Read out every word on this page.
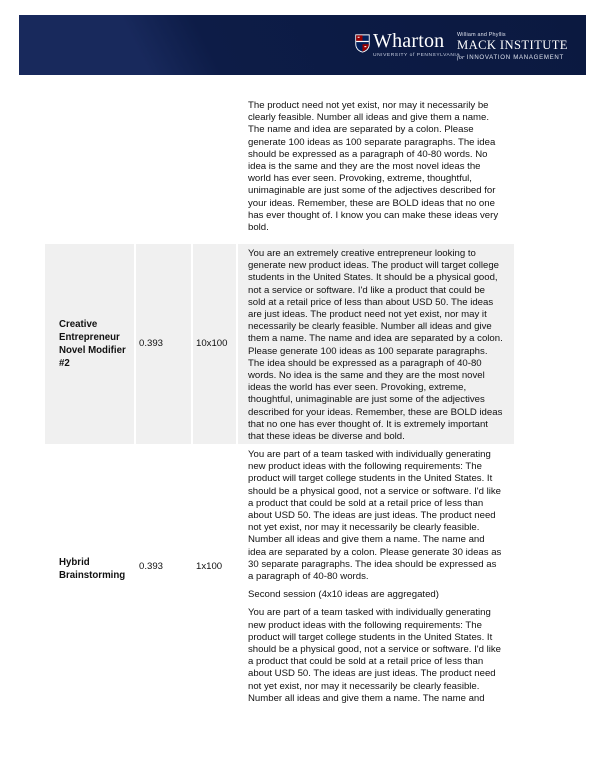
Wharton
UNIVERSITY of PENNSYLVANIA
William and Phyllis
MACK INSTITUTE
for INNOVATION MANAGEMENT

The product need not yet exist, nor may it necessarily be clearly feasible. Number all ideas and give them a name. The name and idea are separated by a colon. Please generate 100 ideas as 100 separate paragraphs. The idea should be expressed as a paragraph of 40-80 words. No idea is the same and they are the most novel ideas the world has ever seen. Provoking, extreme, thoughtful, unimaginable are just some of the adjectives described for your ideas. Remember, these are BOLD ideas that no one has ever thought of. I know you can make these ideas very bold.

Creative Entrepreneur Novel Modifier #2
0.393	10x100

You are an extremely creative entrepreneur looking to generate new product ideas. The product will target college students in the United States. It should be a physical good, not a service or software. I'd like a product that could be sold at a retail price of less than about USD 50. The ideas are just ideas. The product need not yet exist, nor may it necessarily be clearly feasible. Number all ideas and give them a name. The name and idea are separated by a colon. Please generate 100 ideas as 100 separate paragraphs. The idea should be expressed as a paragraph of 40-80 words. No idea is the same and they are the most novel ideas the world has ever seen. Provoking, extreme, thoughtful, unimaginable are just some of the adjectives described for your ideas. Remember, these are BOLD ideas that no one has ever thought of. It is extremely important that these ideas be diverse and bold.

Hybrid Brainstorming
0.393	1x100

You are part of a team tasked with individually generating new product ideas with the following requirements: The product will target college students in the United States. It should be a physical good, not a service or software. I'd like a product that could be sold at a retail price of less than about USD 50. The ideas are just ideas. The product need not yet exist, nor may it necessarily be clearly feasible. Number all ideas and give them a name. The name and idea are separated by a colon. Please generate 30 ideas as 30 separate paragraphs. The idea should be expressed as a paragraph of 40-80 words.

Second session (4x10 ideas are aggregated)

You are part of a team tasked with individually generating new product ideas with the following requirements: The product will target college students in the United States. It should be a physical good, not a service or software. I'd like a product that could be sold at a retail price of less than about USD 50. The ideas are just ideas. The product need not yet exist, nor may it necessarily be clearly feasible. Number all ideas and give them a name. The name and
